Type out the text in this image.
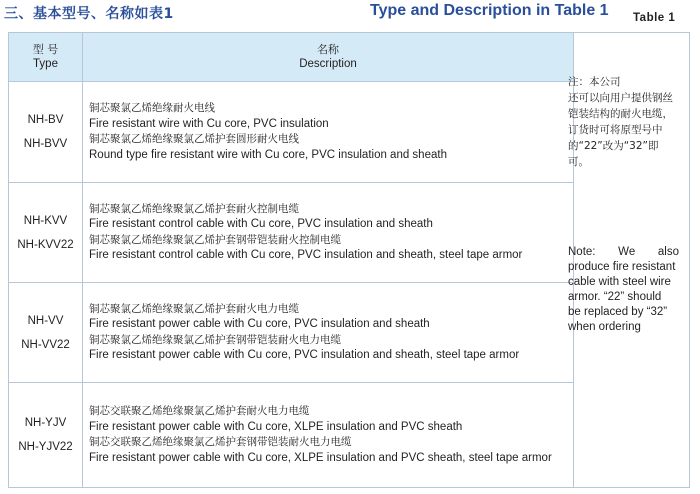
三、基本型号、名称如表1	Type and Description in Table 1 Table 1
型 号
Type
名称
Description
NH-BV
NH-BVV
铜芯聚氯乙烯绝缘耐火电线
Fire resistant wire with Cu core, PVC insulation
铜芯聚氯乙烯绝缘聚氯乙烯护套圆形耐火电线
Round type fire resistant wire with Cu core, PVC insulation and sheath
NH-KVV
NH-KVV22
铜芯聚氯乙烯绝缘聚氯乙烯护套耐火控制电缆
Fire resistant control cable with Cu core, PVC insulation and sheath
铜芯聚氯乙烯绝缘聚氯乙烯护套钢带铠装耐火控制电缆
Fire resistant control cable with Cu core, PVC insulation and sheath, steel tape armor
NH-VV
NH-VV22
铜芯聚氯乙烯绝缘聚氯乙烯护套耐火电力电缆
Fire resistant power cable with Cu core, PVC insulation and sheath
铜芯聚氯乙烯绝缘聚氯乙烯护套钢带铠装耐火电力电缆
Fire resistant power cable with Cu core, PVC insulation and sheath, steel tape armor
NH-YJV
NH-YJV22
铜芯交联聚乙烯绝缘聚氯乙烯护套耐火电力电缆
Fire resistant power cable with Cu core, XLPE insulation and PVC sheath
铜芯交联聚乙烯绝缘聚氯乙烯护套钢带铠装耐火电力电缆
Fire resistant power cable with Cu core, XLPE insulation and PVC sheath, steel tape armor
注：本公司
还可以向用户提供钢丝
铠装结构的耐火电缆，
订货时可将原型号中
的“22”改为“32”即
可。
Note: We also
produce fire resistant
cable with steel wire
armor. “22” should
be replaced by “32”
when ordering
